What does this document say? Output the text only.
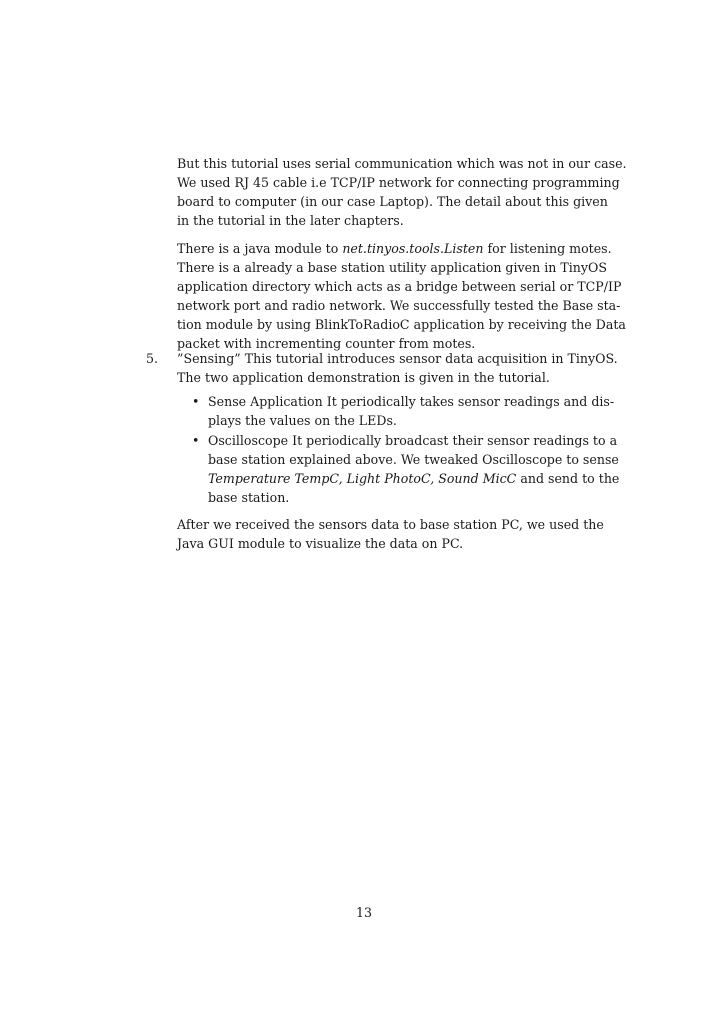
But this tutorial uses serial communication which was not in our case.
We used RJ 45 cable i.e TCP/IP network for connecting programming
board to computer (in our case Laptop). The detail about this given
in the tutorial in the later chapters.
There is a java module to net.tinyos.tools.Listen for listening motes.
There is a already a base station utility application given in TinyOS
application directory which acts as a bridge between serial or TCP/IP
network port and radio network. We successfully tested the Base sta-
tion module by using BlinkToRadioC application by receiving the Data
packet with incrementing counter from motes.
5. ”Sensing” This tutorial introduces sensor data acquisition in TinyOS.
The two application demonstration is given in the tutorial.
• Sense Application It periodically takes sensor readings and dis-
plays the values on the LEDs.
• Oscilloscope It periodically broadcast their sensor readings to a
base station explained above. We tweaked Oscilloscope to sense
Temperature TempC, Light PhotoC, Sound MicC and send to the
base station.
After we received the sensors data to base station PC, we used the
Java GUI module to visualize the data on PC.
13
